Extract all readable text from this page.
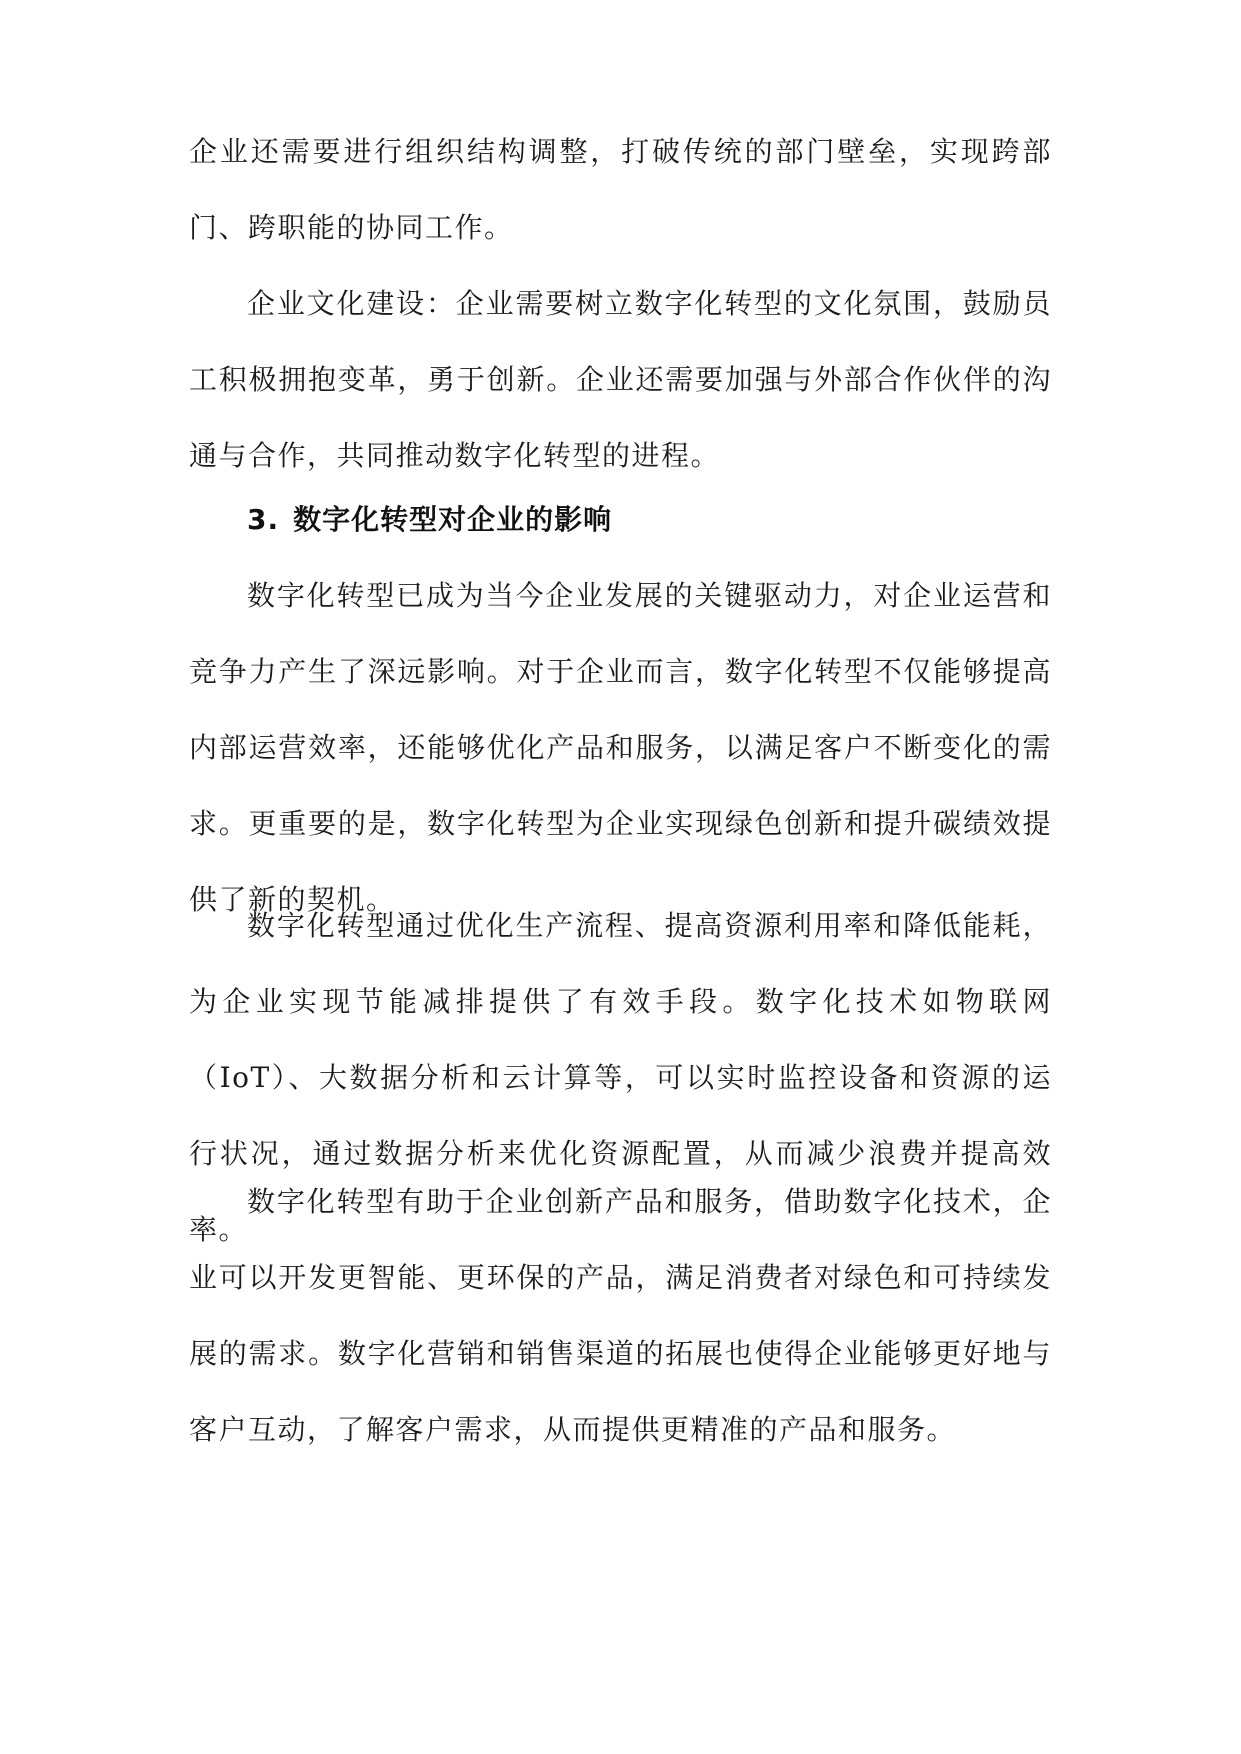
企业还需要进行组织结构调整，打破传统的部门壁垒，实现跨部门、跨职能的协同工作。

企业文化建设：企业需要树立数字化转型的文化氛围，鼓励员工积极拥抱变革，勇于创新。企业还需要加强与外部合作伙伴的沟通与合作，共同推动数字化转型的进程。

3. 数字化转型对企业的影响

数字化转型已成为当今企业发展的关键驱动力，对企业运营和竞争力产生了深远影响。对于企业而言，数字化转型不仅能够提高内部运营效率，还能够优化产品和服务，以满足客户不断变化的需求。更重要的是，数字化转型为企业实现绿色创新和提升碳绩效提供了新的契机。

数字化转型通过优化生产流程、提高资源利用率和降低能耗，为企业实现节能减排提供了有效手段。数字化技术如物联网（IoT）、大数据分析和云计算等，可以实时监控设备和资源的运行状况，通过数据分析来优化资源配置，从而减少浪费并提高效率。

数字化转型有助于企业创新产品和服务，借助数字化技术，企业可以开发更智能、更环保的产品，满足消费者对绿色和可持续发展的需求。数字化营销和销售渠道的拓展也使得企业能够更好地与客户互动，了解客户需求，从而提供更精准的产品和服务。
